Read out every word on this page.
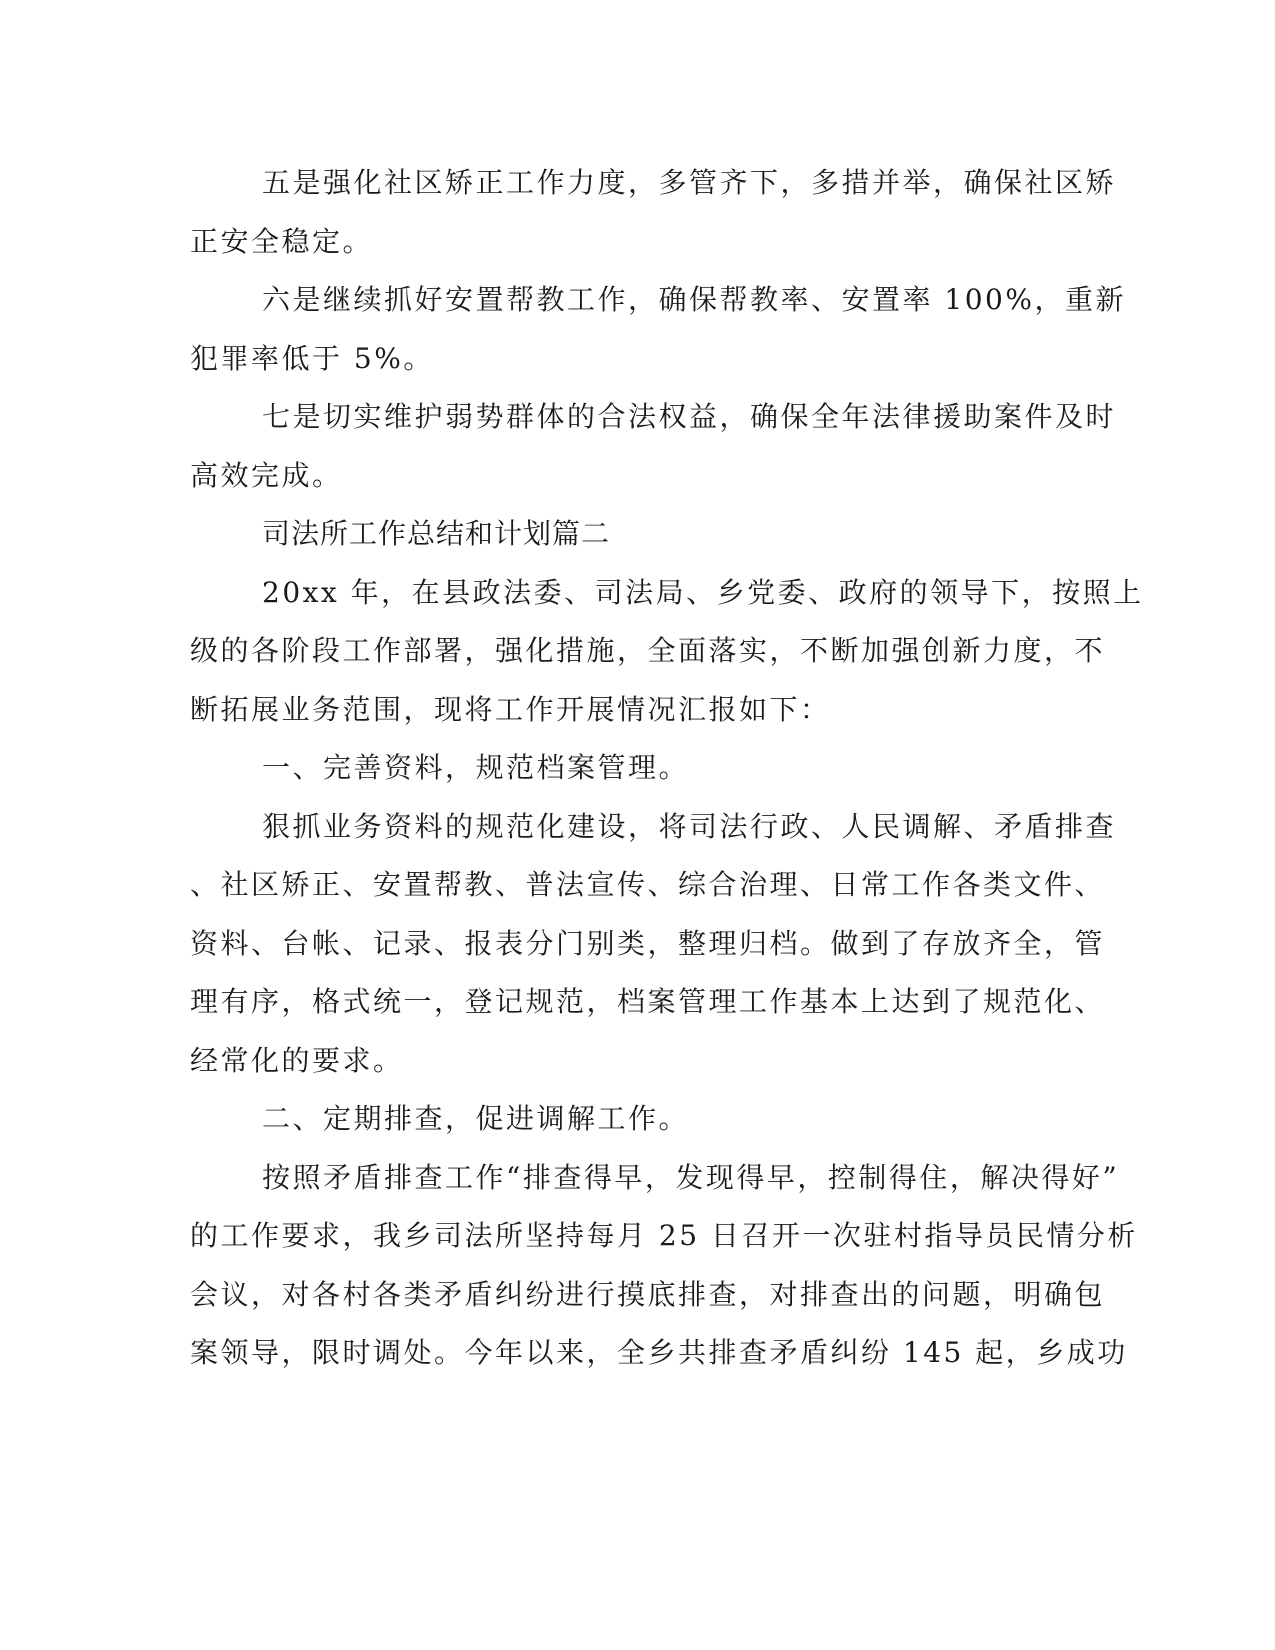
五是强化社区矫正工作力度，多管齐下，多措并举，确保社区矫
正安全稳定。
六是继续抓好安置帮教工作，确保帮教率、安置率 100%，重新
犯罪率低于 5%。
七是切实维护弱势群体的合法权益，确保全年法律援助案件及时
高效完成。
司法所工作总结和计划篇二
20xx 年，在县政法委、司法局、乡党委、政府的领导下，按照上
级的各阶段工作部署，强化措施，全面落实，不断加强创新力度，不
断拓展业务范围，现将工作开展情况汇报如下：
一、完善资料，规范档案管理。
狠抓业务资料的规范化建设，将司法行政、人民调解、矛盾排查
、社区矫正、安置帮教、普法宣传、综合治理、日常工作各类文件、
资料、台帐、记录、报表分门别类，整理归档。做到了存放齐全，管
理有序，格式统一，登记规范，档案管理工作基本上达到了规范化、
经常化的要求。
二、定期排查，促进调解工作。
按照矛盾排查工作“排查得早，发现得早，控制得住，解决得好”
的工作要求，我乡司法所坚持每月 25 日召开一次驻村指导员民情分析
会议，对各村各类矛盾纠纷进行摸底排查，对排查出的问题，明确包
案领导，限时调处。今年以来，全乡共排查矛盾纠纷 145 起，乡成功
